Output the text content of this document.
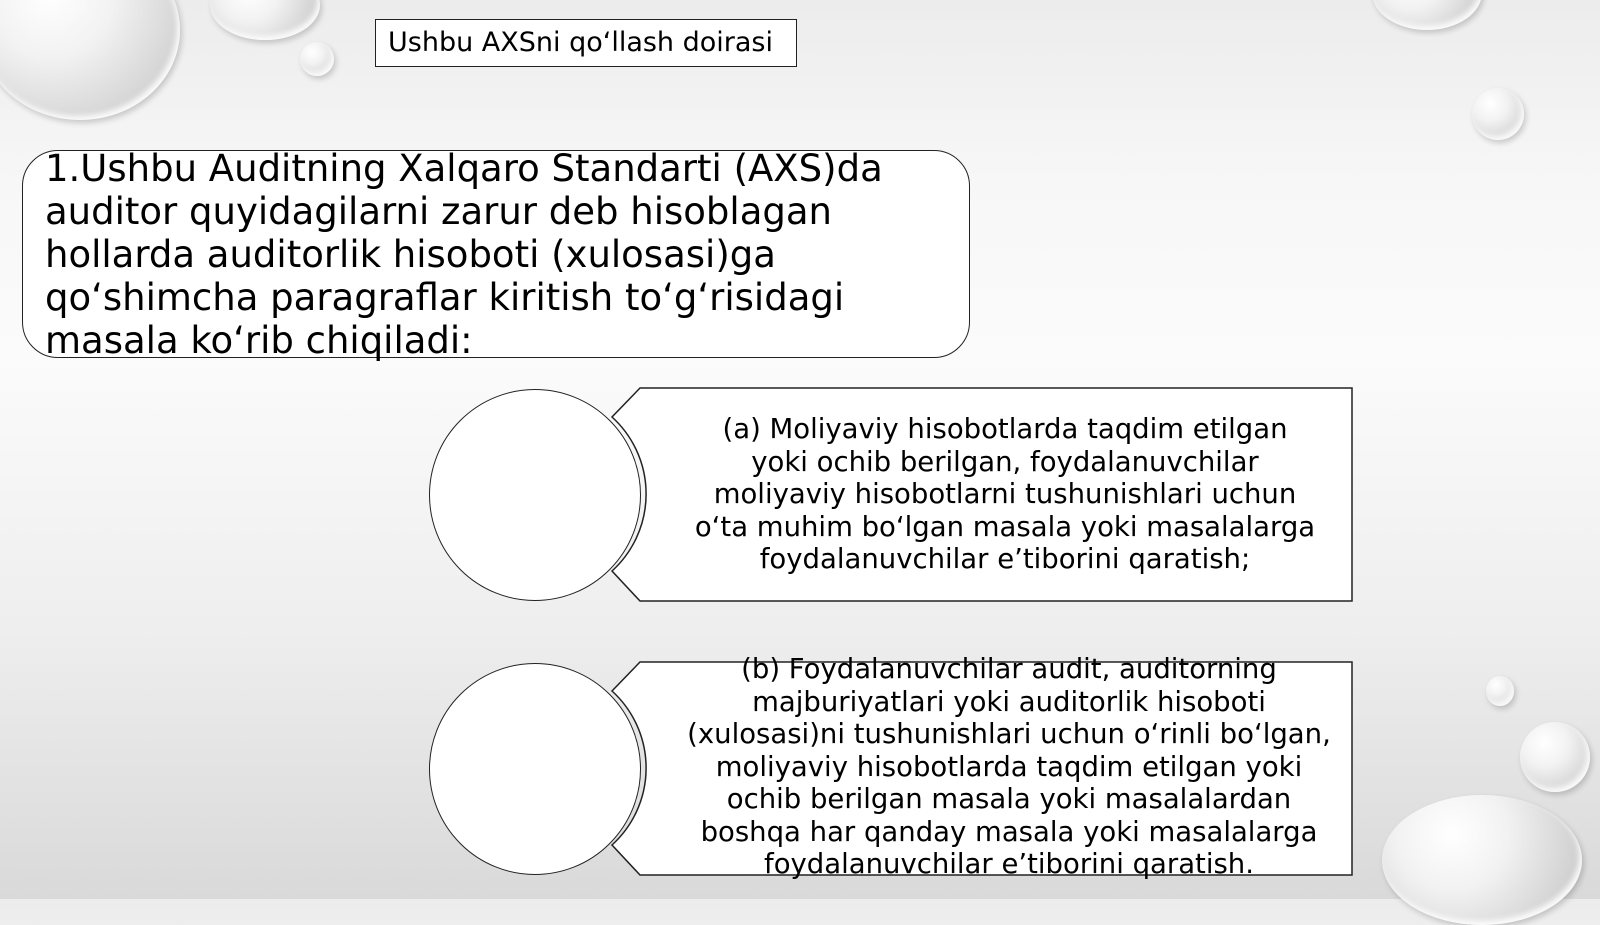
Ushbu AXSni qo‘llash doirasi
1.Ushbu Auditning Xalqaro Standarti (AXS)da
auditor quyidagilarni zarur deb hisoblagan
hollarda auditorlik hisoboti (xulosasi)ga
qo‘shimcha paragraflar kiritish to‘g‘risidagi
masala ko‘rib chiqiladi:
(a) Moliyaviy hisobotlarda taqdim etilgan
yoki ochib berilgan, foydalanuvchilar
moliyaviy hisobotlarni tushunishlari uchun
o‘ta muhim bo‘lgan masala yoki masalalarga
foydalanuvchilar e’tiborini qaratish;
(b) Foydalanuvchilar audit, auditorning
majburiyatlari yoki auditorlik hisoboti
(xulosasi)ni tushunishlari uchun o‘rinli bo‘lgan,
moliyaviy hisobotlarda taqdim etilgan yoki
ochib berilgan masala yoki masalalardan
boshqa har qanday masala yoki masalalarga
foydalanuvchilar e’tiborini qaratish.
